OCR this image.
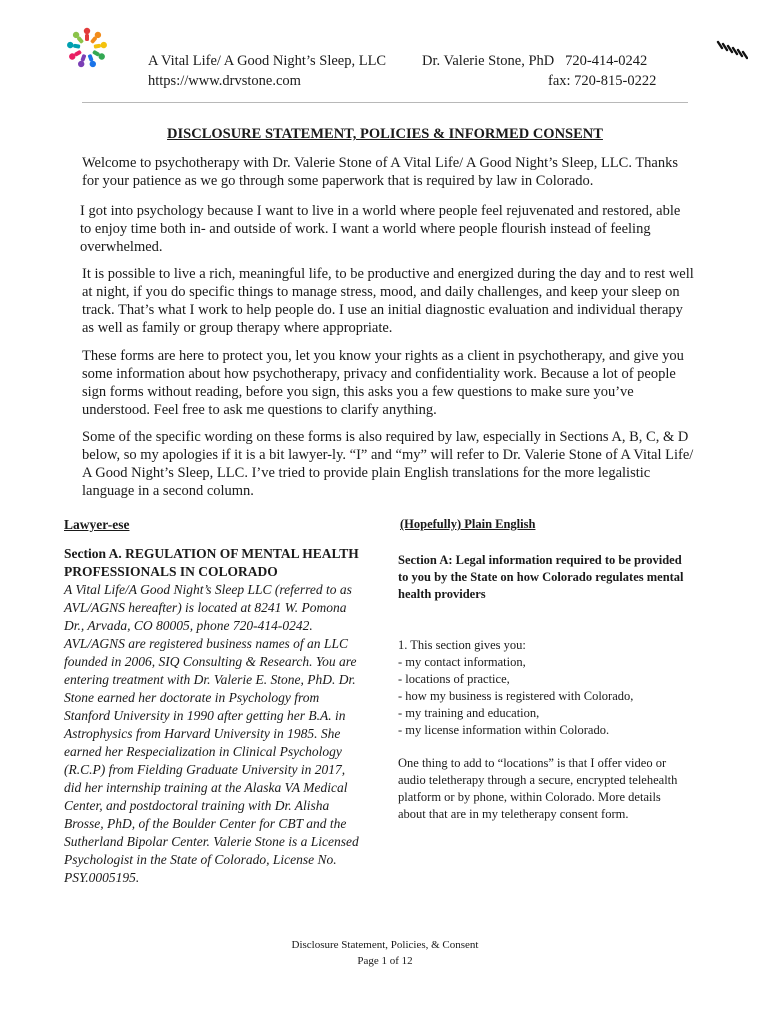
A Vital Life/ A Good Night’s Sleep, LLC
https://www.drvstone.com
Dr. Valerie Stone, PhD   720-414-0242
fax: 720-815-0222
DISCLOSURE STATEMENT, POLICIES & INFORMED CONSENT

Welcome to psychotherapy with Dr. Valerie Stone of A Vital Life/ A Good Night’s Sleep, LLC. Thanks for your patience as we go through some paperwork that is required by law in Colorado.

I got into psychology because I want to live in a world where people feel rejuvenated and restored, able to enjoy time both in- and outside of work. I want a world where people flourish instead of feeling overwhelmed.

It is possible to live a rich, meaningful life, to be productive and energized during the day and to rest well at night, if you do specific things to manage stress, mood, and daily challenges, and keep your sleep on track. That’s what I work to help people do. I use an initial diagnostic evaluation and individual therapy as well as family or group therapy where appropriate.

These forms are here to protect you, let you know your rights as a client in psychotherapy, and give you some information about how psychotherapy, privacy and confidentiality work. Because a lot of people sign forms without reading, before you sign, this asks you a few questions to make sure you’ve understood. Feel free to ask me questions to clarify anything.

Some of the specific wording on these forms is also required by law, especially in Sections A, B, C, & D below, so my apologies if it is a bit lawyer-ly. “I” and “my” will refer to Dr. Valerie Stone of A Vital Life/ A Good Night’s Sleep, LLC. I’ve tried to provide plain English translations for the more legalistic language in a second column.

Lawyer-ese	(Hopefully) Plain English

Section A. REGULATION OF MENTAL HEALTH PROFESSIONALS IN COLORADO

A Vital Life/A Good Night’s Sleep LLC (referred to as AVL/AGNS hereafter) is located at 8241 W. Pomona Dr., Arvada, CO 80005, phone 720-414-0242. AVL/AGNS are registered business names of an LLC founded in 2006, SIQ Consulting & Research. You are entering treatment with Dr. Valerie E. Stone, PhD. Dr. Stone earned her doctorate in Psychology from Stanford University in 1990 after getting her B.A. in Astrophysics from Harvard University in 1985. She earned her Respecialization in Clinical Psychology (R.C.P) from Fielding Graduate University in 2017, did her internship training at the Alaska VA Medical Center, and postdoctoral training with Dr. Alisha Brosse, PhD, of the Boulder Center for CBT and the Sutherland Bipolar Center. Valerie Stone is a Licensed Psychologist in the State of Colorado, License No. PSY.0005195.

Section A: Legal information required to be provided to you by the State on how Colorado regulates mental health providers

1. This section gives you:

- my contact information,
- locations of practice,
- how my business is registered with Colorado,
- my training and education,
- my license information within Colorado.

One thing to add to “locations” is that I offer video or audio teletherapy through a secure, encrypted telehealth platform or by phone, within Colorado. More details about that are in my teletherapy consent form.

Disclosure Statement, Policies, & Consent
Page 1 of 12
